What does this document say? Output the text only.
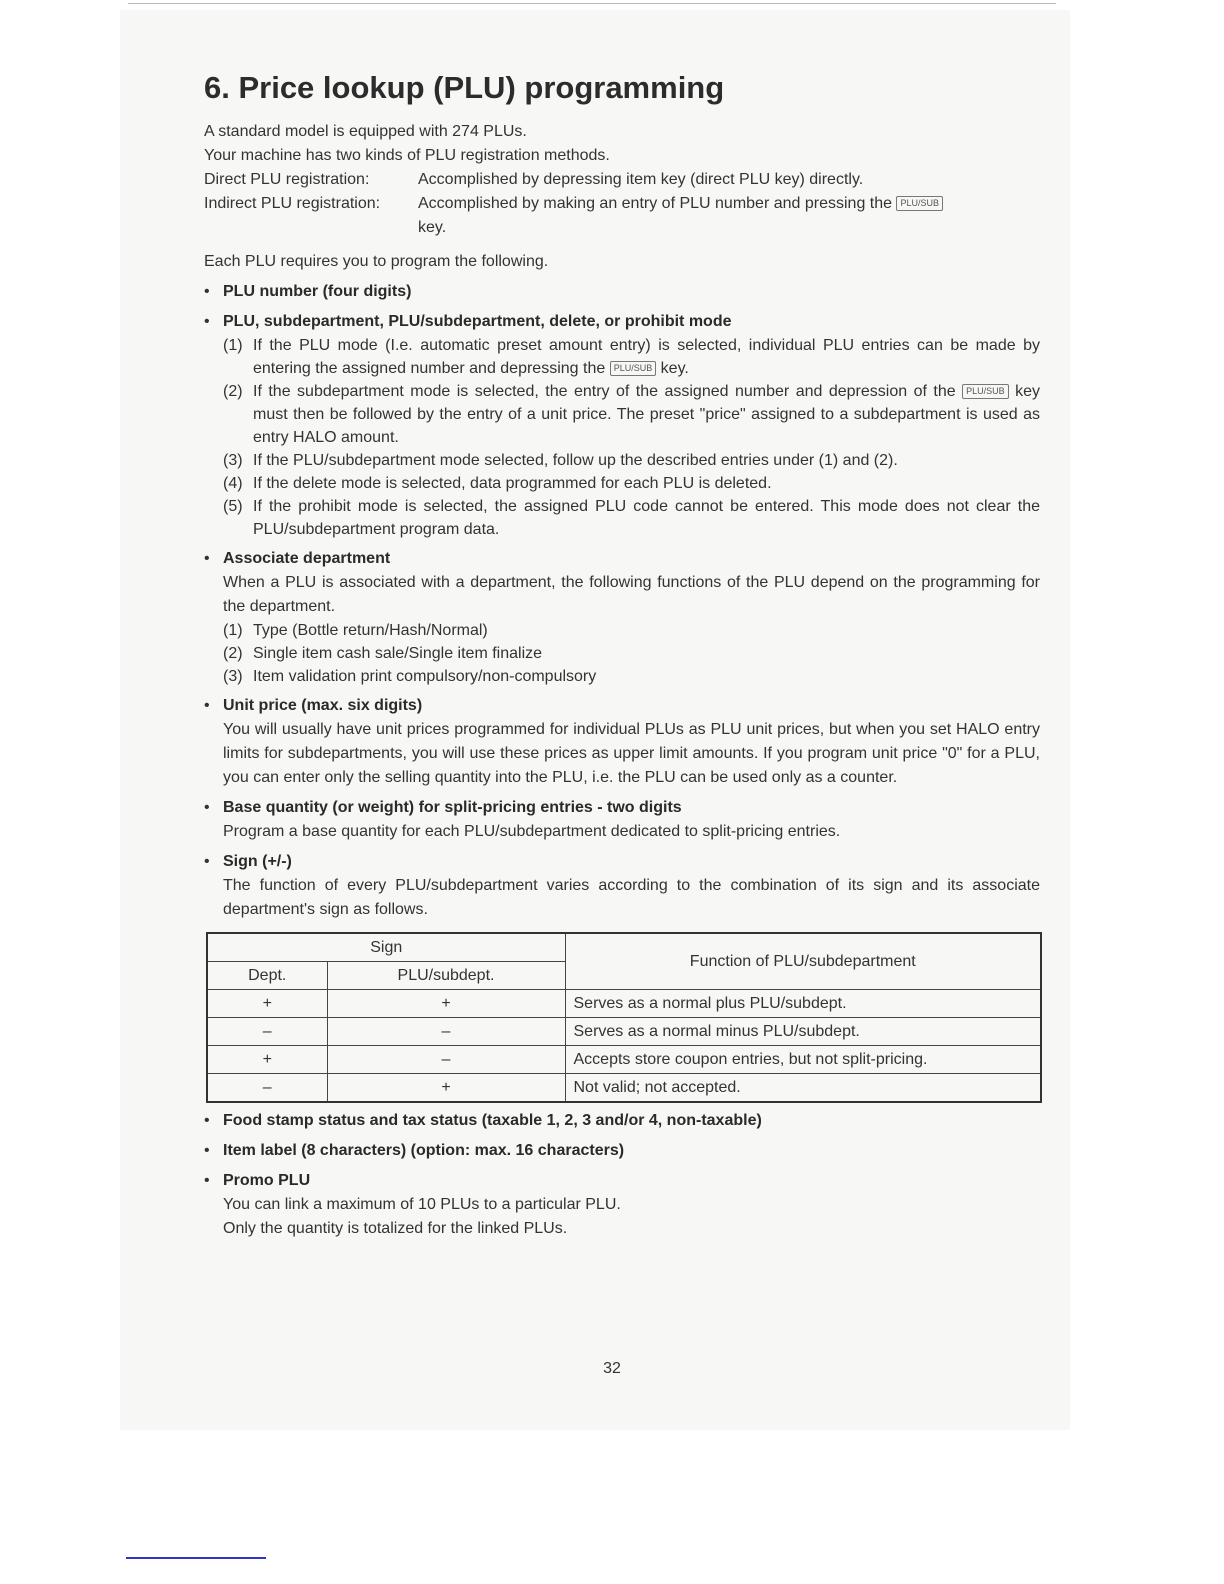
6. Price lookup (PLU) programming

A standard model is equipped with 274 PLUs.

Your machine has two kinds of PLU registration methods.

Direct PLU registration:	Accomplished by depressing item key (direct PLU key) directly.
Indirect PLU registration:	Accomplished by making an entry of PLU number and pressing the PLU/SUB
key.

Each PLU requires you to program the following.

• PLU number (four digits)
• PLU, subdepartment, PLU/subdepartment, delete, or prohibit mode
(1) If the PLU mode (I.e. automatic preset amount entry) is selected, individual PLU entries can be made by entering the assigned number and depressing the PLU/SUB key.
(2) If the subdepartment mode is selected, the entry of the assigned number and depression of the PLU/SUB key must then be followed by the entry of a unit price. The preset "price" assigned to a subdepartment is used as entry HALO amount.
(3) If the PLU/subdepartment mode selected, follow up the described entries under (1) and (2).
(4) If the delete mode is selected, data programmed for each PLU is deleted.
(5) If the prohibit mode is selected, the assigned PLU code cannot be entered. This mode does not clear the PLU/subdepartment program data.
• Associate department
When a PLU is associated with a department, the following functions of the PLU depend on the programming for the department.
(1) Type (Bottle return/Hash/Normal)
(2) Single item cash sale/Single item finalize
(3) Item validation print compulsory/non-compulsory
• Unit price (max. six digits)
You will usually have unit prices programmed for individual PLUs as PLU unit prices, but when you set HALO entry limits for subdepartments, you will use these prices as upper limit amounts. If you program unit price "0" for a PLU, you can enter only the selling quantity into the PLU, i.e. the PLU can be used only as a counter.
• Base quantity (or weight) for split-pricing entries - two digits
Program a base quantity for each PLU/subdepartment dedicated to split-pricing entries.
• Sign (+/-)
The function of every PLU/subdepartment varies according to the combination of its sign and its associate department's sign as follows.
Sign		Function of PLU/subdepartment
Dept.	PLU/subdept.	
+	+	Serves as a normal plus PLU/subdept.
–	–	Serves as a normal minus PLU/subdept.
+	–	Accepts store coupon entries, but not split-pricing.
–	+	Not valid; not accepted.
• Food stamp status and tax status (taxable 1, 2, 3 and/or 4, non-taxable)
• Item label (8 characters) (option: max. 16 characters)
• Promo PLU
You can link a maximum of 10 PLUs to a particular PLU.
Only the quantity is totalized for the linked PLUs.
32
